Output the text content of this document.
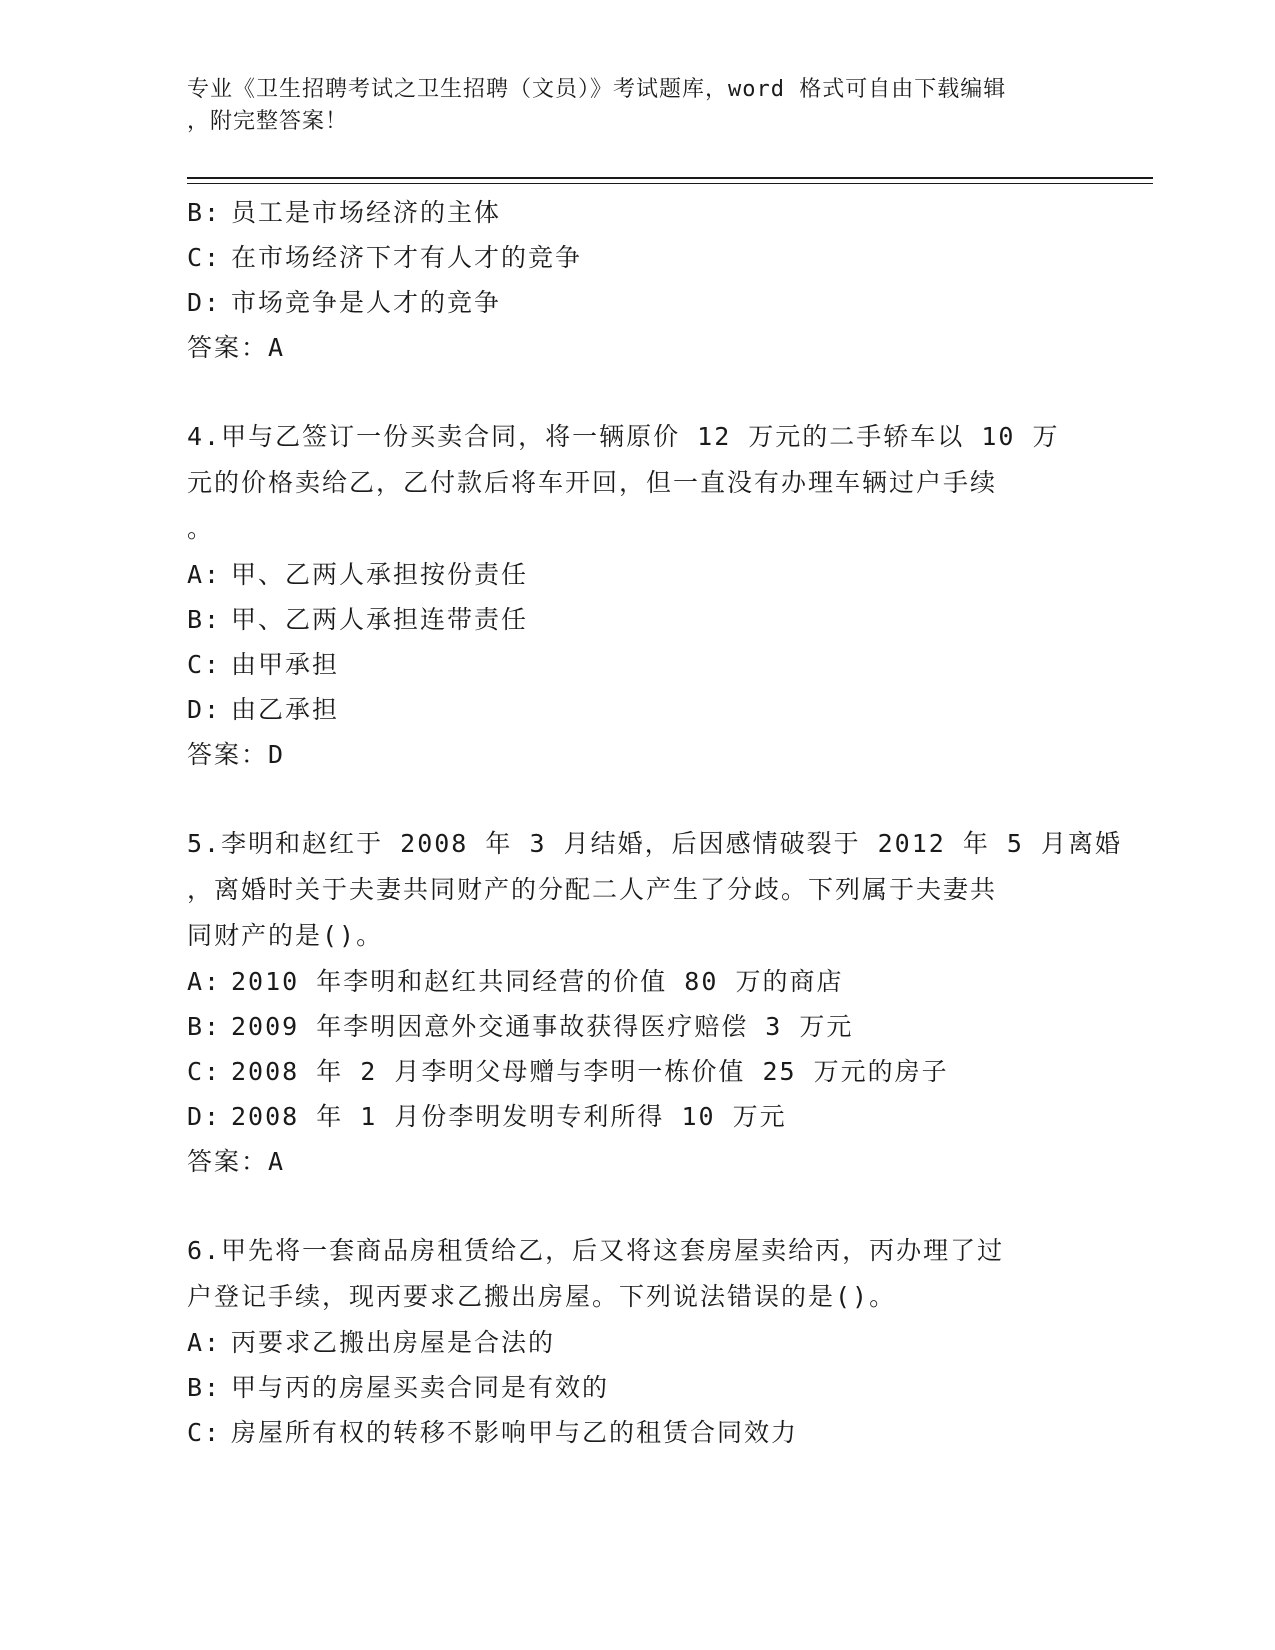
专业《卫生招聘考试之卫生招聘（文员）》考试题库，word 格式可自由下载编辑
，附完整答案！
B: 员工是市场经济的主体
C: 在市场经济下才有人才的竞争
D: 市场竞争是人才的竞争
答案：A
4.甲与乙签订一份买卖合同，将一辆原价 12 万元的二手轿车以 10 万
元的价格卖给乙，乙付款后将车开回，但一直没有办理车辆过户手续
。
A: 甲、乙两人承担按份责任
B: 甲、乙两人承担连带责任
C: 由甲承担
D: 由乙承担
答案：D
5.李明和赵红于 2008 年 3 月结婚，后因感情破裂于 2012 年 5 月离婚
，离婚时关于夫妻共同财产的分配二人产生了分歧。下列属于夫妻共
同财产的是()。
A: 2010 年李明和赵红共同经营的价值 80 万的商店
B: 2009 年李明因意外交通事故获得医疗赔偿 3 万元
C: 2008 年 2 月李明父母赠与李明一栋价值 25 万元的房子
D: 2008 年 1 月份李明发明专利所得 10 万元
答案：A
6.甲先将一套商品房租赁给乙，后又将这套房屋卖给丙，丙办理了过
户登记手续，现丙要求乙搬出房屋。下列说法错误的是()。
A: 丙要求乙搬出房屋是合法的
B: 甲与丙的房屋买卖合同是有效的
C: 房屋所有权的转移不影响甲与乙的租赁合同效力
